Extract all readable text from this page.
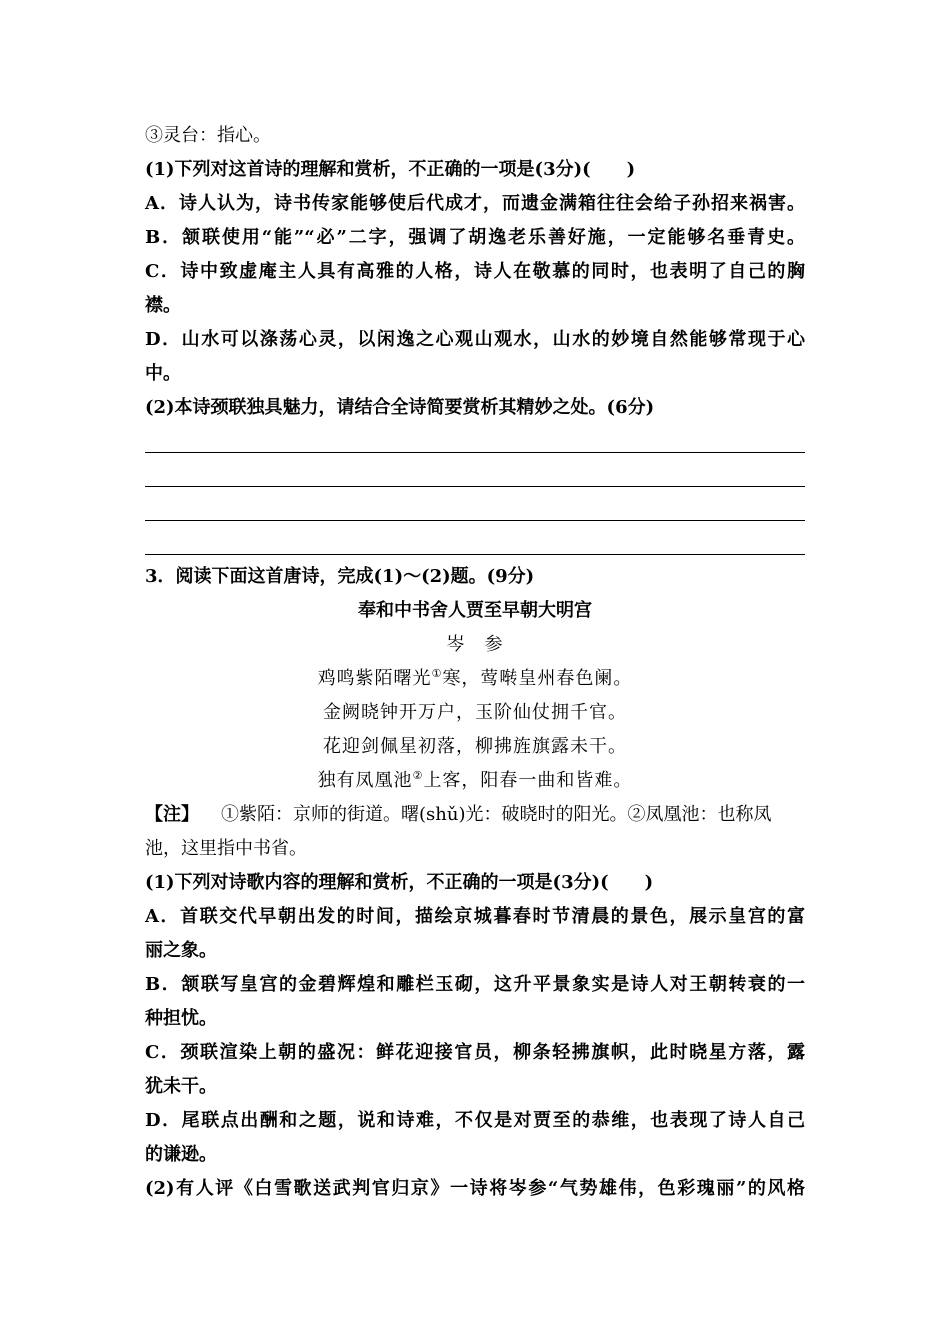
③灵台：指心。
(1)下列对这首诗的理解和赏析，不正确的一项是(3分)(　　)
A．诗人认为，诗书传家能够使后代成才，而遗金满箱往往会给子孙招来祸害。
B．颔联使用“能”“必”二字，强调了胡逸老乐善好施，一定能够名垂青史。
C．诗中致虚庵主人具有高雅的人格，诗人在敬慕的同时，也表明了自己的胸
襟。
D．山水可以涤荡心灵，以闲逸之心观山观水，山水的妙境自然能够常现于心
中。
(2)本诗颈联独具魅力，请结合全诗简要赏析其精妙之处。(6分)
3．阅读下面这首唐诗，完成(1)～(2)题。(9分)
奉和中书舍人贾至早朝大明宫
岑　参
鸡鸣紫陌曙光①寒，莺啭皇州春色阑。
金阙晓钟开万户，玉阶仙仗拥千官。
花迎剑佩星初落，柳拂旌旗露未干。
独有凤凰池②上客，阳春一曲和皆难。
【注】 ①紫陌：京师的街道。曙(shǔ)光：破晓时的阳光。②凤凰池：也称凤
池，这里指中书省。
(1)下列对诗歌内容的理解和赏析，不正确的一项是(3分)(　　)
A．首联交代早朝出发的时间，描绘京城暮春时节清晨的景色，展示皇宫的富
丽之象。
B．颔联写皇宫的金碧辉煌和雕栏玉砌，这升平景象实是诗人对王朝转衰的一
种担忧。
C．颈联渲染上朝的盛况：鲜花迎接官员，柳条轻拂旗帜，此时晓星方落，露
犹未干。
D．尾联点出酬和之题，说和诗难，不仅是对贾至的恭维，也表现了诗人自己
的谦逊。
(2)有人评《白雪歌送武判官归京》一诗将岑参“气势雄伟，色彩瑰丽”的风格
